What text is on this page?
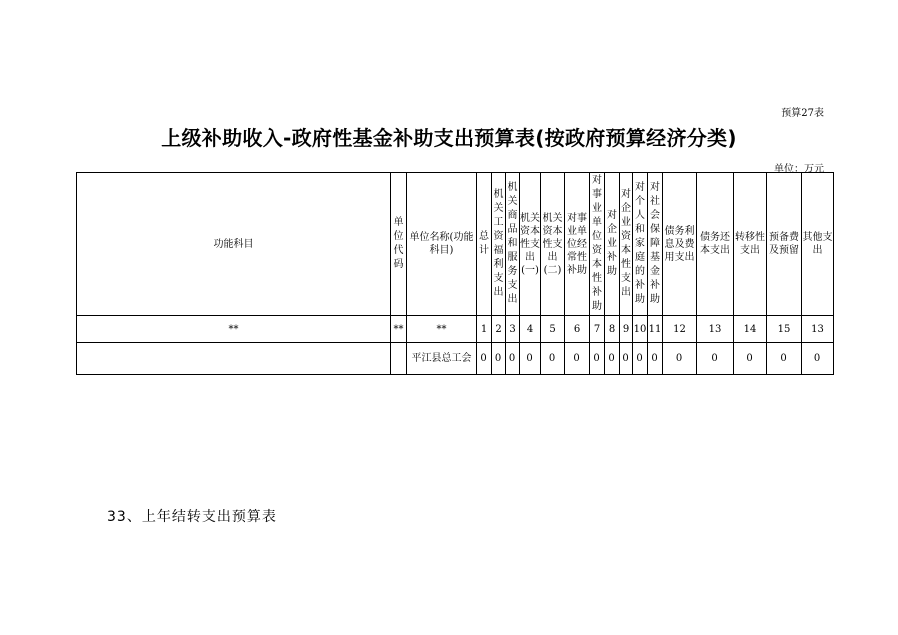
预算27表
上级补助收入-政府性基金补助支出预算表(按政府预算经济分类)
单位：万元
功能科目	单位代码	单位名称(功能科目)	总计	机关工资福利支出	机关商品和服务支出	机关资本性支出(一)	机关资本性支出(二)	对事业单位经常性补助	对事业单位资本性补助	对企业补助	对企业资本性支出	对个人和家庭的补助	对社会保障基金补助	债务利息及费用支出	债务还本支出	转移性支出	预备费及预留	其他支出
**	**	**	1	2	3	4	5	6	7	8	9	10	11	12	13	14	15	13
		平江县总工会	0	0	0	0	0	0	0	0	0	0	0	0	0	0	0	0
33、上年结转支出预算表
